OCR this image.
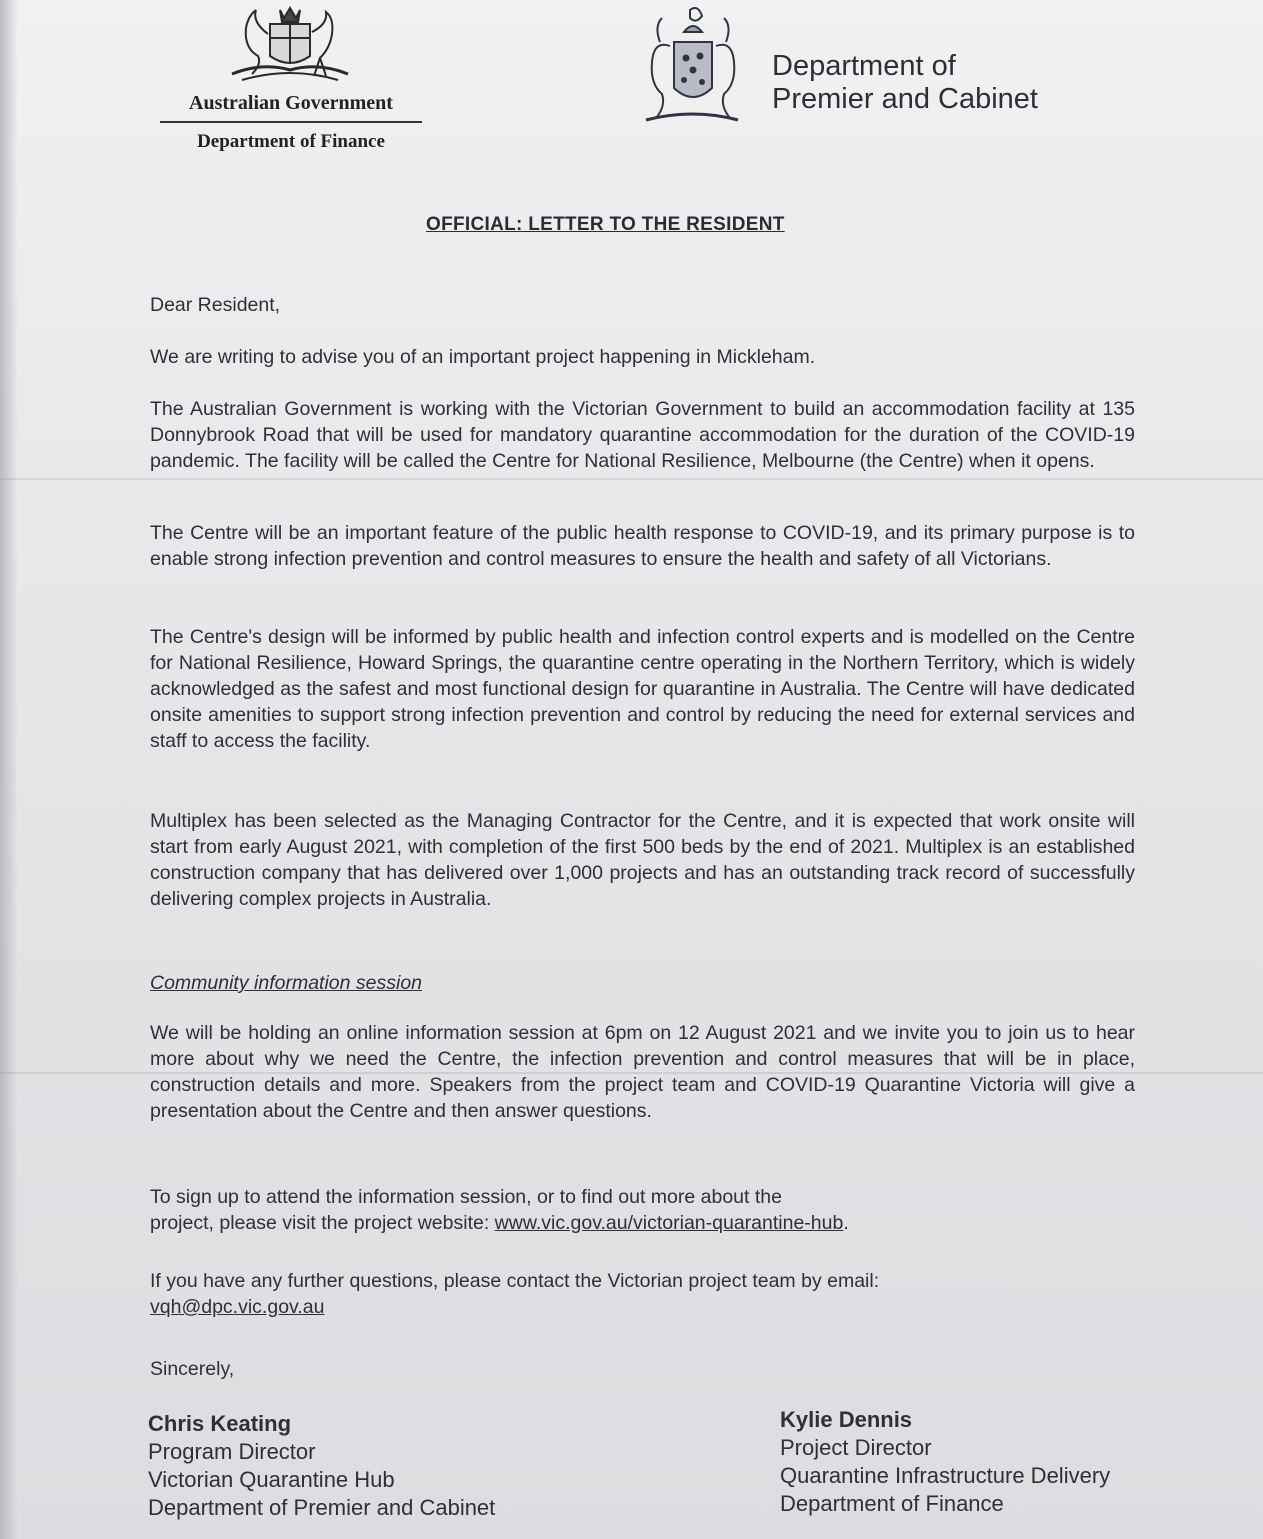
Australian Government
Department of Finance
Department of
Premier and Cabinet
OFFICIAL: LETTER TO THE RESIDENT
Dear Resident,
We are writing to advise you of an important project happening in Mickleham.
The Australian Government is working with the Victorian Government to build an accommodation facility at 135 Donnybrook Road that will be used for mandatory quarantine accommodation for the duration of the COVID-19 pandemic. The facility will be called the Centre for National Resilience, Melbourne (the Centre) when it opens.
The Centre will be an important feature of the public health response to COVID-19, and its primary purpose is to enable strong infection prevention and control measures to ensure the health and safety of all Victorians.
The Centre's design will be informed by public health and infection control experts and is modelled on the Centre for National Resilience, Howard Springs, the quarantine centre operating in the Northern Territory, which is widely acknowledged as the safest and most functional design for quarantine in Australia. The Centre will have dedicated onsite amenities to support strong infection prevention and control by reducing the need for external services and staff to access the facility.
Multiplex has been selected as the Managing Contractor for the Centre, and it is expected that work onsite will start from early August 2021, with completion of the first 500 beds by the end of 2021. Multiplex is an established construction company that has delivered over 1,000 projects and has an outstanding track record of successfully delivering complex projects in Australia.
Community information session
We will be holding an online information session at 6pm on 12 August 2021 and we invite you to join us to hear more about why we need the Centre, the infection prevention and control measures that will be in place, construction details and more. Speakers from the project team and COVID-19 Quarantine Victoria will give a presentation about the Centre and then answer questions.
To sign up to attend the information session, or to find out more about the
project, please visit the project website: www.vic.gov.au/victorian-quarantine-hub.
If you have any further questions, please contact the Victorian project team by email:
vqh@dpc.vic.gov.au
Sincerely,
Chris Keating
Program Director
Victorian Quarantine Hub
Department of Premier and Cabinet
Kylie Dennis
Project Director
Quarantine Infrastructure Delivery
Department of Finance
